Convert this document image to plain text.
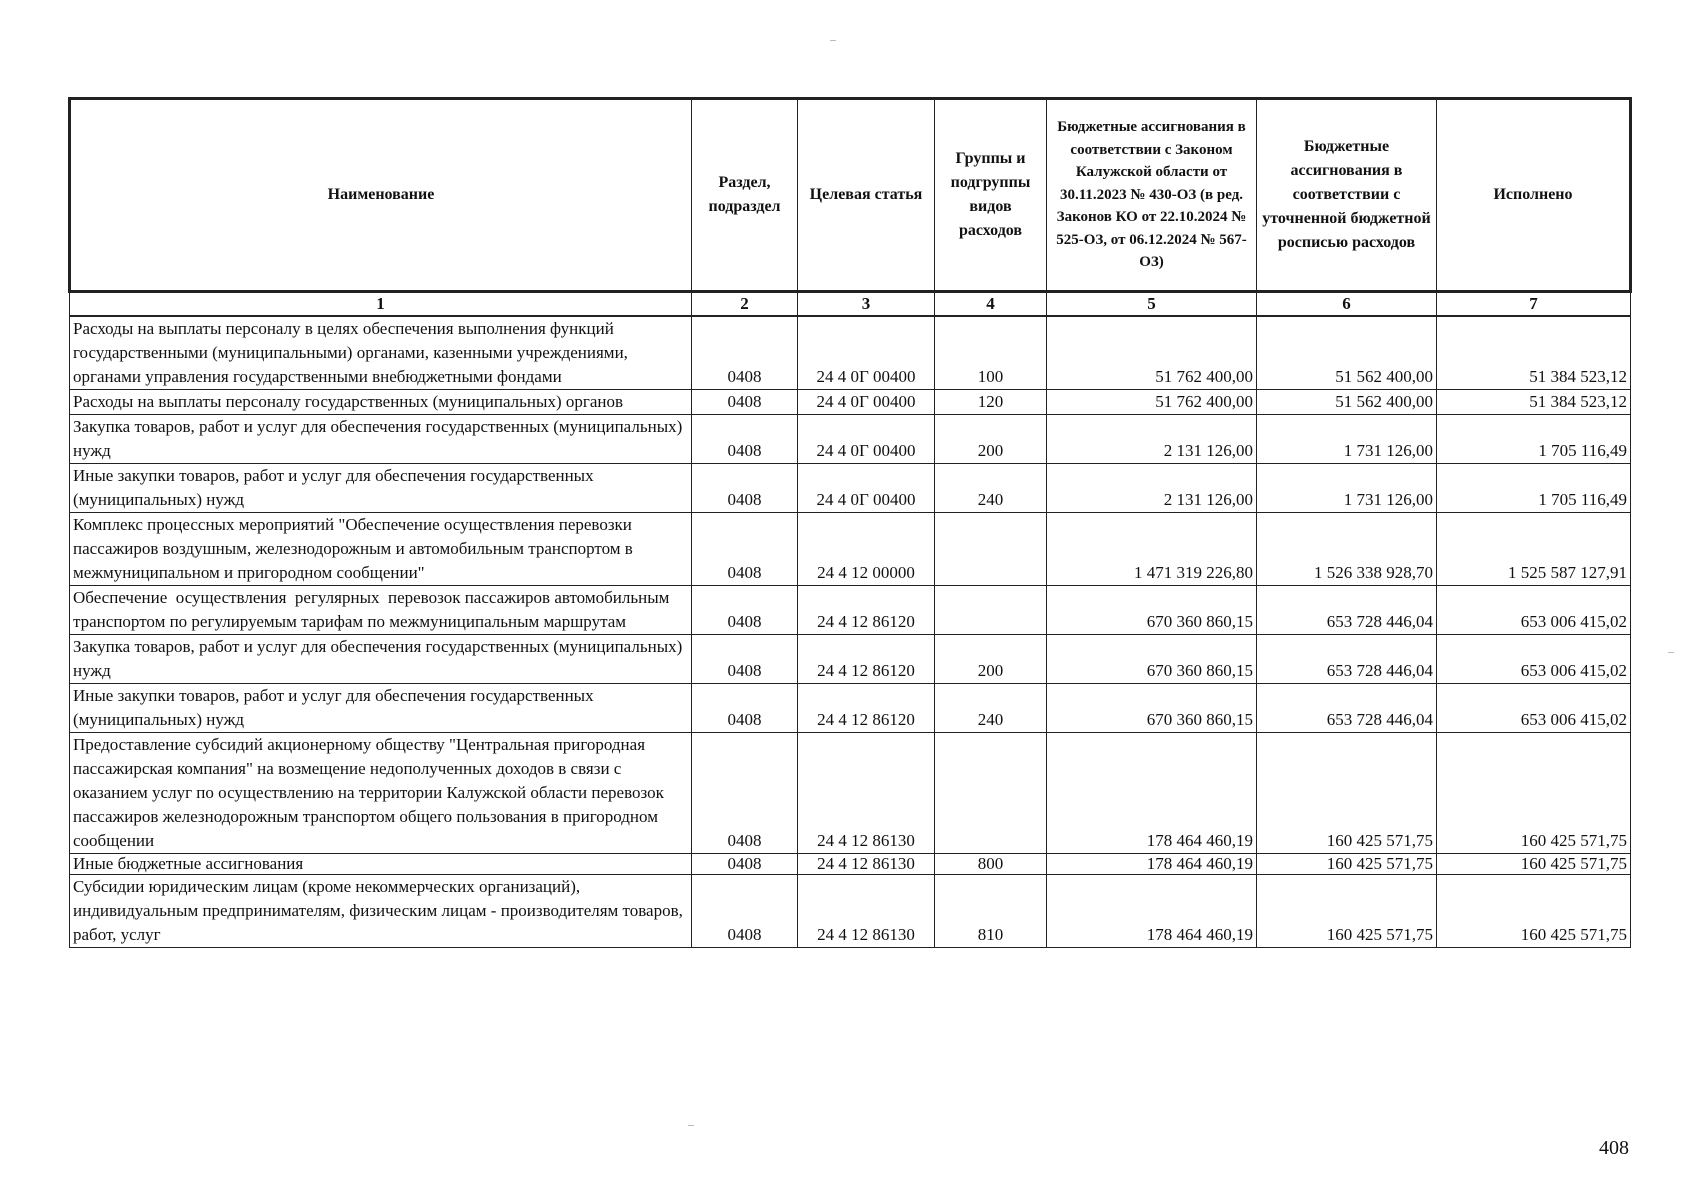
Наименование	Раздел, подраздел	Целевая статья	Группы и подгруппы видов расходов	Бюджетные ассигнования в соответствии с Законом Калужской области от 30.11.2023 № 430-ОЗ (в ред. Законов КО от 22.10.2024 № 525-ОЗ, от 06.12.2024 № 567-ОЗ)	Бюджетные ассигнования в соответствии с уточненной бюджетной росписью расходов	Исполнено
1	2	3	4	5	6	7
Расходы на выплаты персоналу в целях обеспечения выполнения функций государственными (муниципальными) органами, казенными учреждениями, органами управления государственными внебюджетными фондами	0408	24 4 0Г 00400	100	51 762 400,00	51 562 400,00	51 384 523,12
Расходы на выплаты персоналу государственных (муниципальных) органов	0408	24 4 0Г 00400	120	51 762 400,00	51 562 400,00	51 384 523,12
Закупка товаров, работ и услуг для обеспечения государственных (муниципальных) нужд	0408	24 4 0Г 00400	200	2 131 126,00	1 731 126,00	1 705 116,49
Иные закупки товаров, работ и услуг для обеспечения государственных (муниципальных) нужд	0408	24 4 0Г 00400	240	2 131 126,00	1 731 126,00	1 705 116,49
Комплекс процессных мероприятий "Обеспечение осуществления перевозки пассажиров воздушным, железнодорожным и автомобильным транспортом в межмуниципальном и пригородном сообщении"	0408	24 4 12 00000		1 471 319 226,80	1 526 338 928,70	1 525 587 127,91
Обеспечение  осуществления  регулярных  перевозок пассажиров автомобильным транспортом по регулируемым тарифам по межмуниципальным маршрутам	0408	24 4 12 86120		670 360 860,15	653 728 446,04	653 006 415,02
Закупка товаров, работ и услуг для обеспечения государственных (муниципальных) нужд	0408	24 4 12 86120	200	670 360 860,15	653 728 446,04	653 006 415,02
Иные закупки товаров, работ и услуг для обеспечения государственных (муниципальных) нужд	0408	24 4 12 86120	240	670 360 860,15	653 728 446,04	653 006 415,02
Предоставление субсидий акционерному обществу "Центральная пригородная пассажирская компания" на возмещение недополученных доходов в связи с оказанием услуг по осуществлению на территории Калужской области перевозок пассажиров железнодорожным транспортом общего пользования в пригородном сообщении	0408	24 4 12 86130		178 464 460,19	160 425 571,75	160 425 571,75
Иные бюджетные ассигнования	0408	24 4 12 86130	800	178 464 460,19	160 425 571,75	160 425 571,75
Субсидии юридическим лицам (кроме некоммерческих организаций), индивидуальным предпринимателям, физическим лицам - производителям товаров, работ, услуг	0408	24 4 12 86130	810	178 464 460,19	160 425 571,75	160 425 571,75
408
